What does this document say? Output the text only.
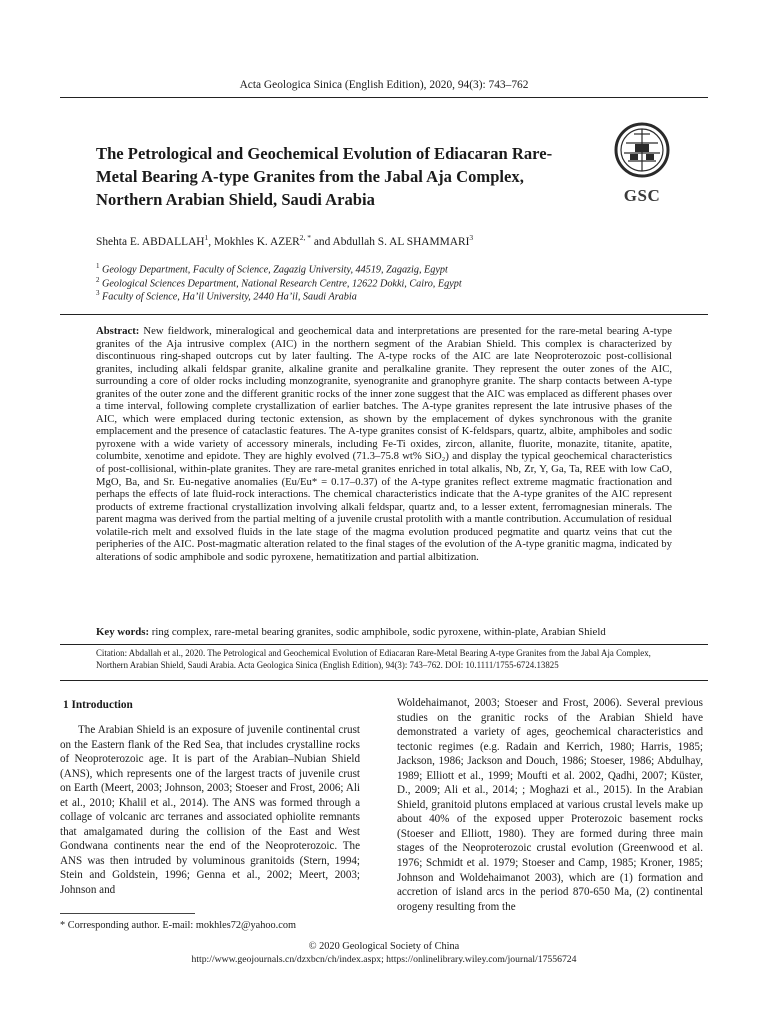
Acta Geologica Sinica (English Edition), 2020, 94(3): 743–762
The Petrological and Geochemical Evolution of Ediacaran Rare-Metal Bearing A-type Granites from the Jabal Aja Complex, Northern Arabian Shield, Saudi Arabia	GSC
Shehta E. ABDALLAH$^1$, Mokhles K. $AZER^{2, *}$ and Abdullah S. AL SHAMMARI$^3$
$^1$ Geology Department, Faculty of Science, Zagazig University, 44519, Zagazig, Egypt
$^2$ Geological Sciences Department, National Research Centre, 12622 Dokki, Cairo, Egypt
$^3$ Faculty of Science, Ha’il University, 2440 Ha’il, Saudi Arabia
Abstract: New fieldwork, mineralogical and geochemical data and interpretations are presented for the rare-metal bearing A-type granites of the Aja intrusive complex (AIC) in the northern segment of the Arabian Shield. This complex is characterized by discontinuous ring-shaped outcrops cut by later faulting. The A-type rocks of the AIC are late Neoproterozoic post-collisional granites, including alkali feldspar granite, alkaline granite and peralkaline granite. They represent the outer zones of the AIC, surrounding a core of older rocks including monzogranite, syenogranite and granophyre granite. The sharp contacts between A-type granites of the outer zone and the different granitic rocks of the inner zone suggest that the AIC was emplaced as different phases over a time interval, following complete crystallization of earlier batches. The A-type granites represent the late intrusive phases of the AIC, which were emplaced during tectonic extension, as shown by the emplacement of dykes synchronous with the granite emplacement and the presence of cataclastic features. The A-type granites consist of K-feldspars, quartz, albite, amphiboles and sodic pyroxene with a wide variety of accessory minerals, including Fe-Ti oxides, zircon, allanite, fluorite, monazite, titanite, apatite, columbite, xenotime and epidote. They are highly evolved (71.3–75.8 wt% SiO₂) and display the typical geochemical characteristics of post-collisional, within-plate granites. They are rare-metal granites enriched in total alkalis, Nb, Zr, Y, Ga, Ta, REE with low CaO, MgO, Ba, and Sr. Eu-negative anomalies (Eu/Eu* = 0.17–0.37) of the A-type granites reflect extreme magmatic fractionation and perhaps the effects of late fluid-rock interactions. The chemical characteristics indicate that the A-type granites of the AIC represent products of extreme fractional crystallization involving alkali feldspar, quartz and, to a lesser extent, ferromagnesian minerals. The parent magma was derived from the partial melting of a juvenile crustal protolith with a mantle contribution. Accumulation of residual volatile-rich melt and exsolved fluids in the late stage of the magma evolution produced pegmatite and quartz veins that cut the peripheries of the AIC. Post-magmatic alteration related to the final stages of the evolution of the A-type granitic magma, indicated by alterations of sodic amphibole and sodic pyroxene, hematitization and partial albitization.
Key words: ring complex, rare-metal bearing granites, sodic amphibole, sodic pyroxene, within-plate, Arabian Shield
Citation: Abdallah et al., 2020. The Petrological and Geochemical Evolution of Ediacaran Rare-Metal Bearing A-type Granites from the Jabal Aja Complex, Northern Arabian Shield, Saudi Arabia. Acta Geologica Sinica (English Edition), 94(3): 743–762. DOI: 10.1111/1755-6724.13825
1 Introduction
The Arabian Shield is an exposure of juvenile continental crust on the Eastern flank of the Red Sea, that includes crystalline rocks of Neoproterozoic age. It is part of the Arabian–Nubian Shield (ANS), which represents one of the largest tracts of juvenile crust on Earth (Meert, 2003; Johnson, 2003; Stoeser and Frost, 2006; Ali et al., 2010; Khalil et al., 2014). The ANS was formed through a collage of volcanic arc terranes and associated ophiolite remnants that amalgamated during the collision of the East and West Gondwana continents near the end of the Neoproterozoic. The ANS was then intruded by voluminous granitoids (Stern, 1994; Stein and Goldstein, 1996; Genna et al., 2002; Meert, 2003; Johnson and
Woldehaimanot, 2003; Stoeser and Frost, 2006). Several previous studies on the granitic rocks of the Arabian Shield have demonstrated a variety of ages, geochemical characteristics and tectonic regimes (e.g. Radain and Kerrich, 1980; Harris, 1985; Jackson, 1986; Jackson and Douch, 1986; Stoeser, 1986; Abdulhay, 1989; Elliott et al., 1999; Moufti et al. 2002, Qadhi, 2007; Küster, D., 2009; Ali et al., 2014; ; Moghazi et al., 2015). In the Arabian Shield, granitoid plutons emplaced at various crustal levels make up about 40% of the exposed upper Proterozoic basement rocks (Stoeser and Elliott, 1980). They are formed during three main stages of the Neoproterozoic crustal evolution (Greenwood et al. 1976; Schmidt et al. 1979; Stoeser and Camp, 1985; Kroner, 1985; Johnson and Woldehaimanot 2003), which are (1) formation and accretion of island arcs in the period 870-650 Ma, (2) continental orogeny resulting from the
* Corresponding author. E-mail: mokhles72@yahoo.com
© 2020 Geological Society of China
http://www.geojournals.cn/dzxbcn/ch/index.aspx; https://onlinelibrary.wiley.com/journal/17556724
